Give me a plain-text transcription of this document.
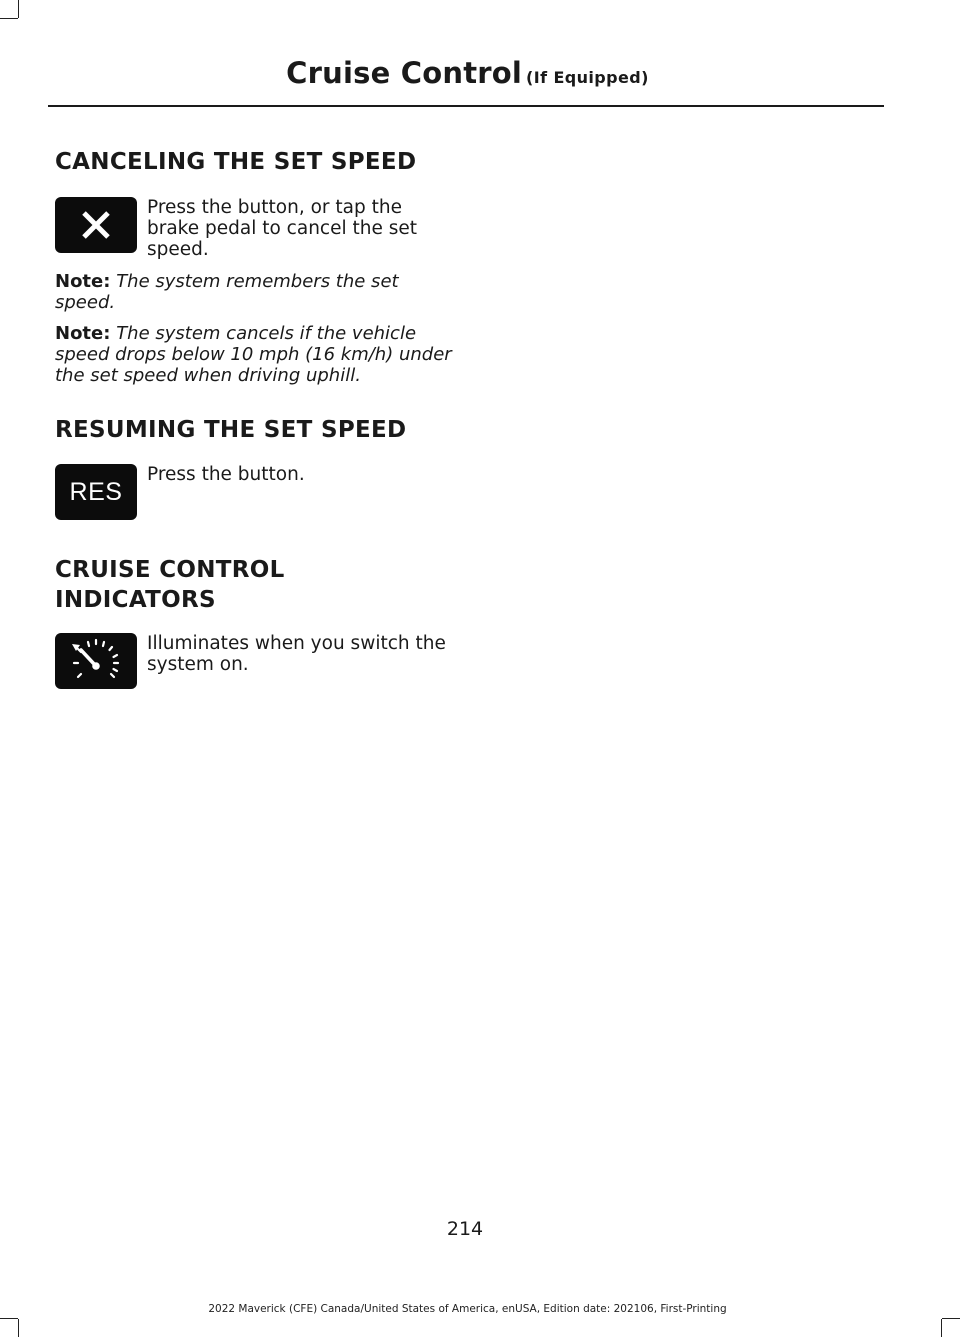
Cruise Control (If Equipped)
CANCELING THE SET SPEED

Press the button, or tap the brake pedal to cancel the set speed.

Note: The system remembers the set speed.

Note: The system cancels if the vehicle speed drops below 10 mph (16 km/h) under the set speed when driving uphill.

RESUMING THE SET SPEED
RES

Press the button.

CRUISE CONTROL
INDICATORS

Illuminates when you switch the system on.

214
2022 Maverick (CFE) Canada/United States of America, enUSA, Edition date: 202106, First-Printing
